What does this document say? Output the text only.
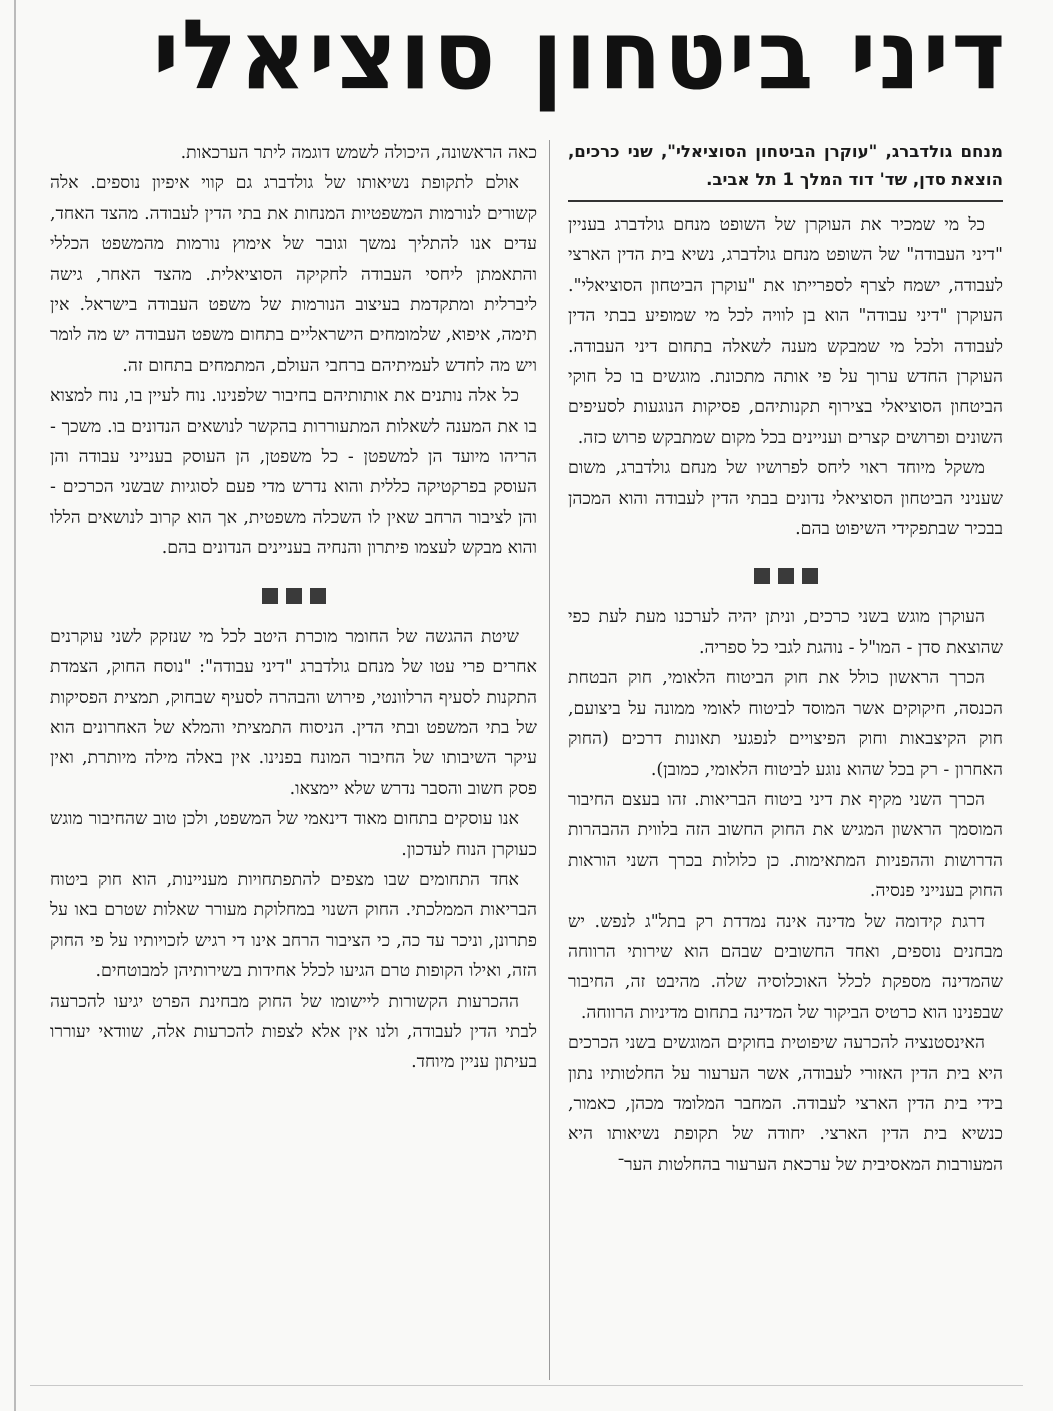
דיני ביטחון סוציאלי

מנחם גולדברג, "עוקרן הביטחון הסוציאלי", שני כרכים, הוצאת סדן, שד' דוד המלך 1 תל אביב.

כל מי שמכיר את העוקרן של השופט מנחם גולדברג בעניין "דיני העבודה" של השופט מנחם גולדברג, נשיא בית הדין הארצי לעבודה, ישמח לצרף לספרייתו את "עוקרן הביטחון הסוציאלי". העוקרן "דיני עבודה" הוא בן לוויה לכל מי שמופיע בבתי הדין לעבודה ולכל מי שמבקש מענה לשאלה בתחום דיני העבודה. העוקרן החדש ערוך על פי אותה מתכונת. מוגשים בו כל חוקי הביטחון הסוציאלי בצירוף תקנותיהם, פסיקות הנוגעות לסעיפים השונים ופרושים קצרים ועניינים בכל מקום שמתבקש פרוש כזה.

משקל מיוחד ראוי ליחס לפרושיו של מנחם גולדברג, משום שעניני הביטחון הסוציאלי נדונים בבתי הדין לעבודה והוא המכהן בבכיר שבתפקידי השיפוט בהם.

העוקרן מוגש בשני כרכים, וניתן יהיה לערכנו מעת לעת כפי שהוצאת סדן - המו"ל - נוהגת לגבי כל ספריה.

הכרך הראשון כולל את חוק הביטוח הלאומי, חוק הבטחת הכנסה, חיקוקים אשר המוסד לביטוח לאומי ממונה על ביצועם, חוק הקיצבאות וחוק הפיצויים לנפגעי תאונות דרכים (החוק האחרון - רק בכל שהוא נוגע לביטוח הלאומי, כמובן).

הכרך השני מקיף את דיני ביטוח הבריאות. זהו בעצם החיבור המוסמך הראשון המגיש את החוק החשוב הזה בלווית ההבהרות הדרושות וההפניות המתאימות. כן כלולות בכרך השני הוראות החוק בענייני פנסיה.

דרגת קידומה של מדינה אינה נמדדת רק בתל"ג לנפש. יש מבחנים נוספים, ואחד החשובים שבהם הוא שירותי הרווחה שהמדינה מספקת לכלל האוכלוסיה שלה. מהיבט זה, החיבור שבפנינו הוא כרטיס הביקור של המדינה בתחום מדיניות הרווחה.

האינסטנציה להכרעה שיפוטית בחוקים המוגשים בשני הכרכים היא בית הדין האזורי לעבודה, אשר הערעור על החלטותיו נתון בידי בית הדין הארצי לעבודה. המחבר המלומד מכהן, כאמור, כנשיא בית הדין הארצי. יחודה של תקופת נשיאותו היא המעורבות המאסיבית של ערכאת הערעור בהחלטות הער־

כאה הראשונה, היכולה לשמש דוגמה ליתר הערכאות.

אולם לתקופת נשיאותו של גולדברג גם קווי איפיון נוספים. אלה קשורים לנורמות המשפטיות המנחות את בתי הדין לעבודה. מהצד האחד, עדים אנו להתליך נמשך וגובר של אימוץ נורמות מהמשפט הכללי והתאמתן ליחסי העבודה לחקיקה הסוציאלית. מהצד האחר, גישה ליברלית ומתקדמת בעיצוב הנורמות של משפט העבודה בישראל. אין תימה, איפוא, שלמומחים הישראליים בתחום משפט העבודה יש מה לומר ויש מה לחדש לעמיתיהם ברחבי העולם, המתמחים בתחום זה.

כל אלה נותנים את אותותיהם בחיבור שלפנינו. נוח לעיין בו, נוח למצוא בו את המענה לשאלות המתעוררות בהקשר לנושאים הנדונים בו. משכך - הריהו מיועד הן למשפטן - כל משפטן, הן העוסק בענייני עבודה והן העוסק בפרקטיקה כללית והוא נדרש מדי פעם לסוגיות שבשני הכרכים - והן לציבור הרחב שאין לו השכלה משפטית, אך הוא קרוב לנושאים הללו והוא מבקש לעצמו פיתרון והנחיה בעניינים הנדונים בהם.

שיטת ההגשה של החומר מוכרת היטב לכל מי שנזקק לשני עוקרנים אחרים פרי עטו של מנחם גולדברג "דיני עבודה": "נוסח החוק, הצמדת התקנות לסעיף הרלוונטי, פירוש והבהרה לסעיף שבחוק, תמצית הפסיקות של בתי המשפט ובתי הדין. הניסוח התמציתי והמלא של האחרונים הוא עיקר השיבותו של החיבור המונח בפנינו. אין באלה מילה מיותרת, ואין פסק חשוב והסבר נדרש שלא יימצאו.

אנו עוסקים בתחום מאוד דינאמי של המשפט, ולכן טוב שהחיבור מוגש כעוקרן הנוח לעדכון.

אחד התחומים שבו מצפים להתפתחויות מעניינות, הוא חוק ביטוח הבריאות הממלכתי. החוק השנוי במחלוקת מעורר שאלות שטרם באו על פתרונן, וניכר עד כה, כי הציבור הרחב אינו די רגיש לזכויותיו על פי החוק הזה, ואילו הקופות טרם הגיעו לכלל אחידות בשירותיהן למבוטחים.

ההכרעות הקשורות ליישומו של החוק מבחינת הפרט יגיעו להכרעה לבתי הדין לעבודה, ולנו אין אלא לצפות להכרעות אלה, שוודאי יעוררו בעיתון עניין מיוחד.
